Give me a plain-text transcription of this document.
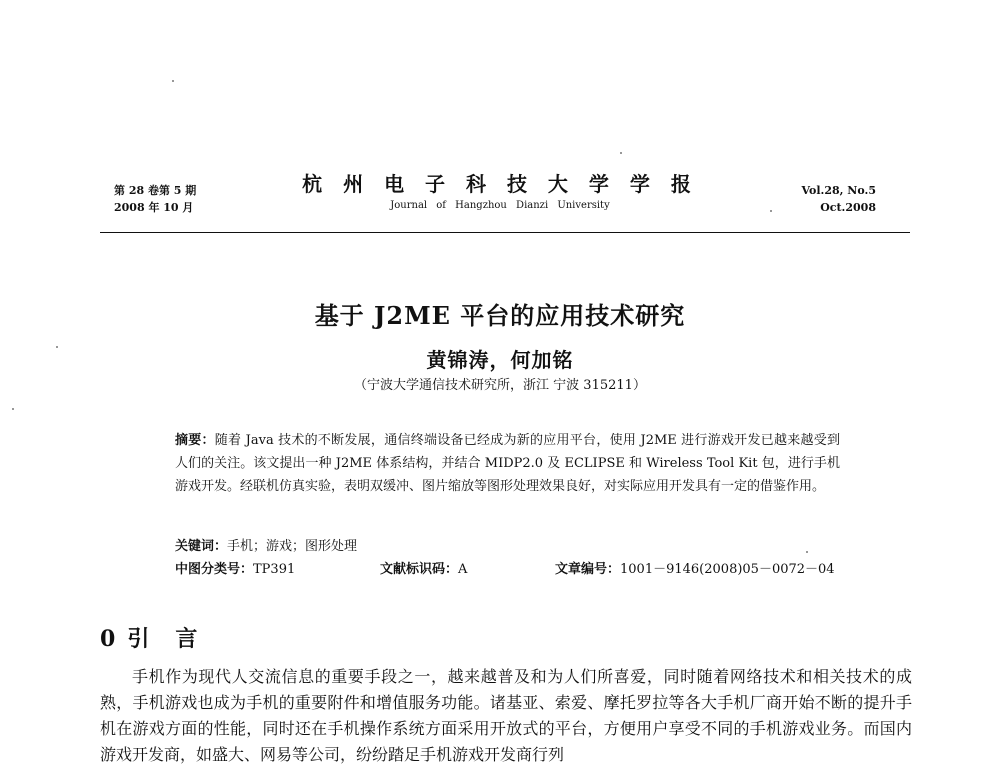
第 28 卷第 5 期
2008 年 10 月
杭 州 电 子 科 技 大 学 学 报
Journal of Hangzhou Dianzi University
Vol.28, No.5
Oct.2008
基于 J2ME 平台的应用技术研究
黄锦涛，何加铭
（宁波大学通信技术研究所，浙江 宁波 315211）
摘要：随着 Java 技术的不断发展，通信终端设备已经成为新的应用平台，使用 J2ME 进行游戏开发已越来越受到人们的关注。该文提出一种 J2ME 体系结构，并结合 MIDP2.0 及 ECLIPSE 和 Wireless Tool Kit 包，进行手机游戏开发。经联机仿真实验，表明双缓冲、图片缩放等图形处理效果良好，对实际应用开发具有一定的借鉴作用。
关键词：手机；游戏；图形处理
中图分类号：TP391	文献标识码：A	文章编号：1001－9146(2008)05－0072－04
0 引 言

手机作为现代人交流信息的重要手段之一，越来越普及和为人们所喜爱，同时随着网络技术和相关技术的成熟，手机游戏也成为手机的重要附件和增值服务功能。诸基亚、索爱、摩托罗拉等各大手机厂商开始不断的提升手机在游戏方面的性能，同时还在手机操作系统方面采用开放式的平台，方便用户享受不同的手机游戏业务。而国内游戏开发商，如盛大、网易等公司，纷纷踏足手机游戏开发商行列
